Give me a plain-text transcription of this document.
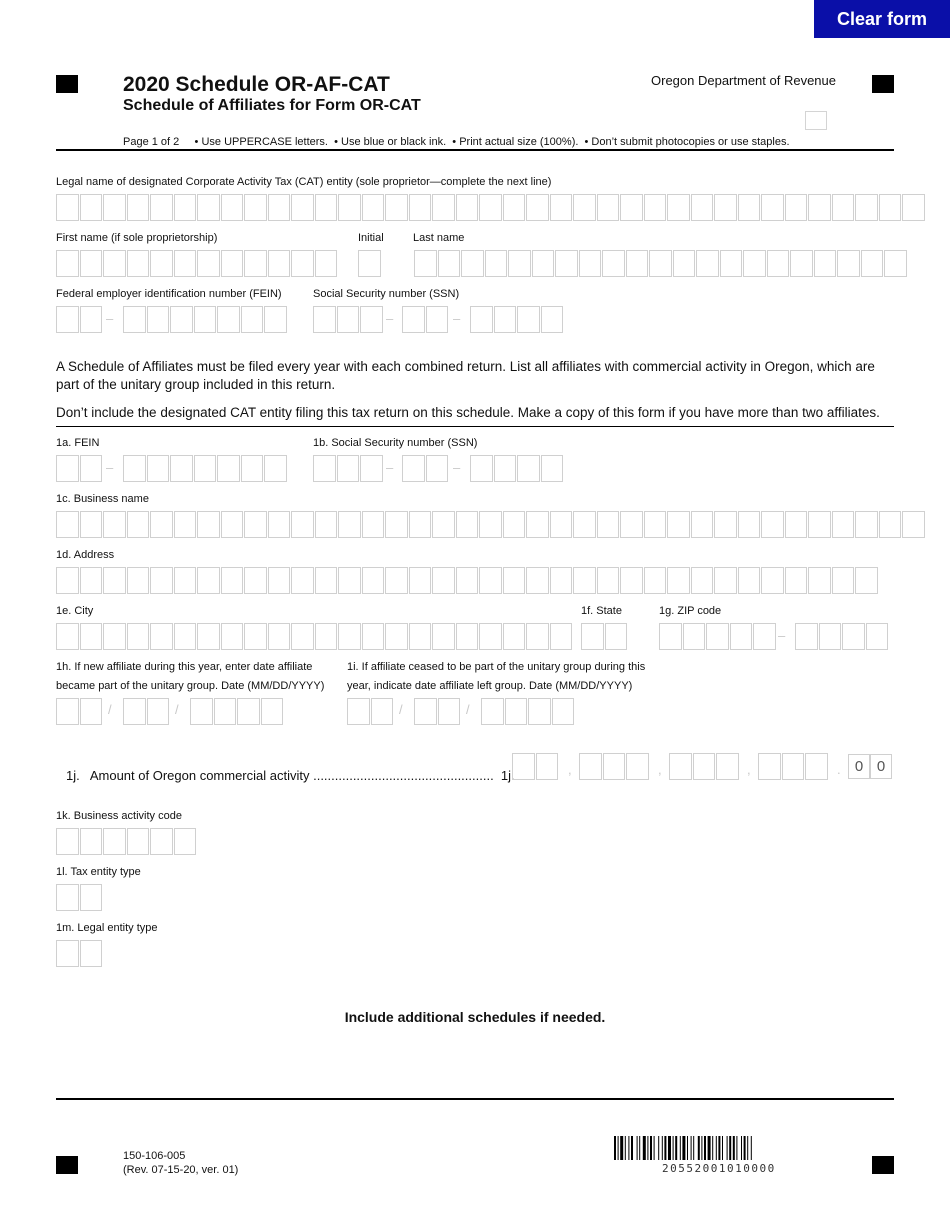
Clear form
2020 Schedule OR-AF-CAT
Schedule of Affiliates for Form OR-CAT
Oregon Department of Revenue
Page 1 of 2     • Use UPPERCASE letters.  • Use blue or black ink.  • Print actual size (100%).  • Don’t submit photocopies or use staples.
Legal name of designated Corporate Activity Tax (CAT) entity (sole proprietor—complete the next line)
First name (if sole proprietorship)	Initial	Last name
Federal employer identification number (FEIN)	Social Security number (SSN)
–	–	–
A Schedule of Affiliates must be filed every year with each combined return. List all affiliates with commercial activity in Oregon, which are part of the unitary group included in this return.
Don’t include the designated CAT entity filing this tax return on this schedule. Make a copy of this form if you have more than two affiliates.
1a. FEIN	1b. Social Security number (SSN)
–	–	–
1c. Business name
1d. Address
1e. City	1f. State	1g. ZIP code
–
1h. If new affiliate during this year, enter date affiliate
became part of the unitary group. Date (MM/DD/YYYY)
1i. If affiliate ceased to be part of the unitary group during this
year, indicate date affiliate left group. Date (MM/DD/YYYY)
/	/	/	/
1j.   Amount of Oregon commercial activity ..................................................  1j.	,	,	,	. 0 0
1k. Business activity code
1l. Tax entity type
1m. Legal entity type
Include additional schedules if needed.
150-106-005
(Rev. 07-15-20, ver. 01)	20552001010000
